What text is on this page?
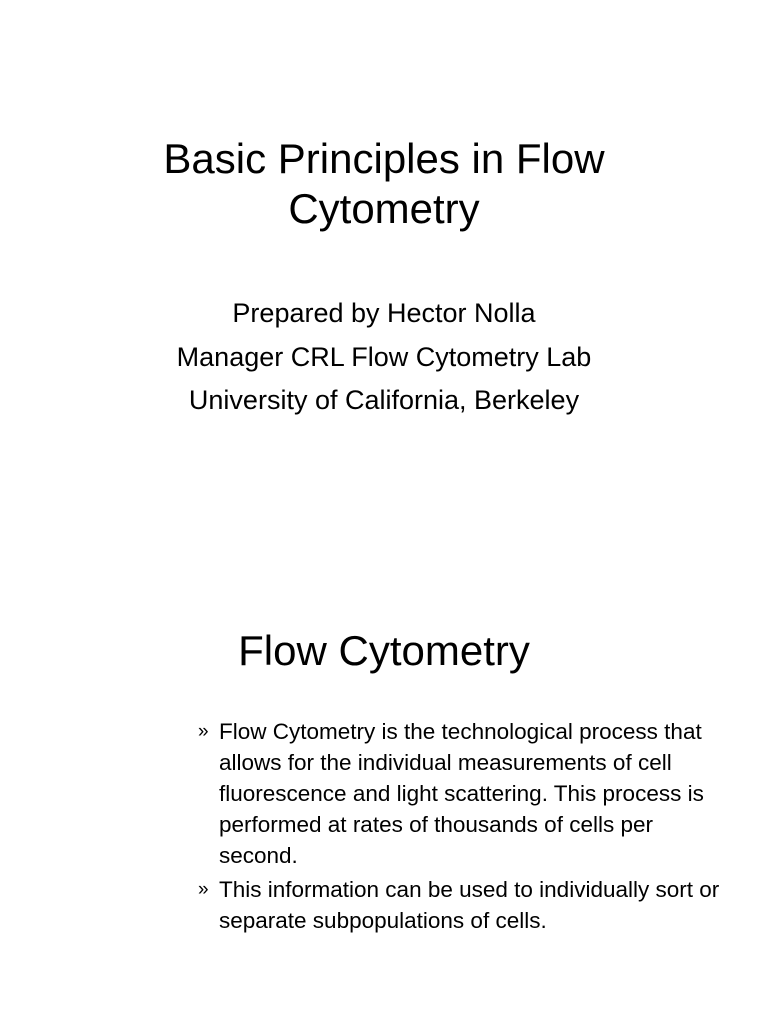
Basic Principles in Flow
Cytometry
Prepared by Hector Nolla
Manager CRL Flow Cytometry Lab
University of California, Berkeley
Flow Cytometry
» Flow Cytometry is the technological process that allows for the individual measurements of cell fluorescence and light scattering. This process is performed at rates of thousands of cells per second.
» This information can be used to individually sort or separate subpopulations of cells.
